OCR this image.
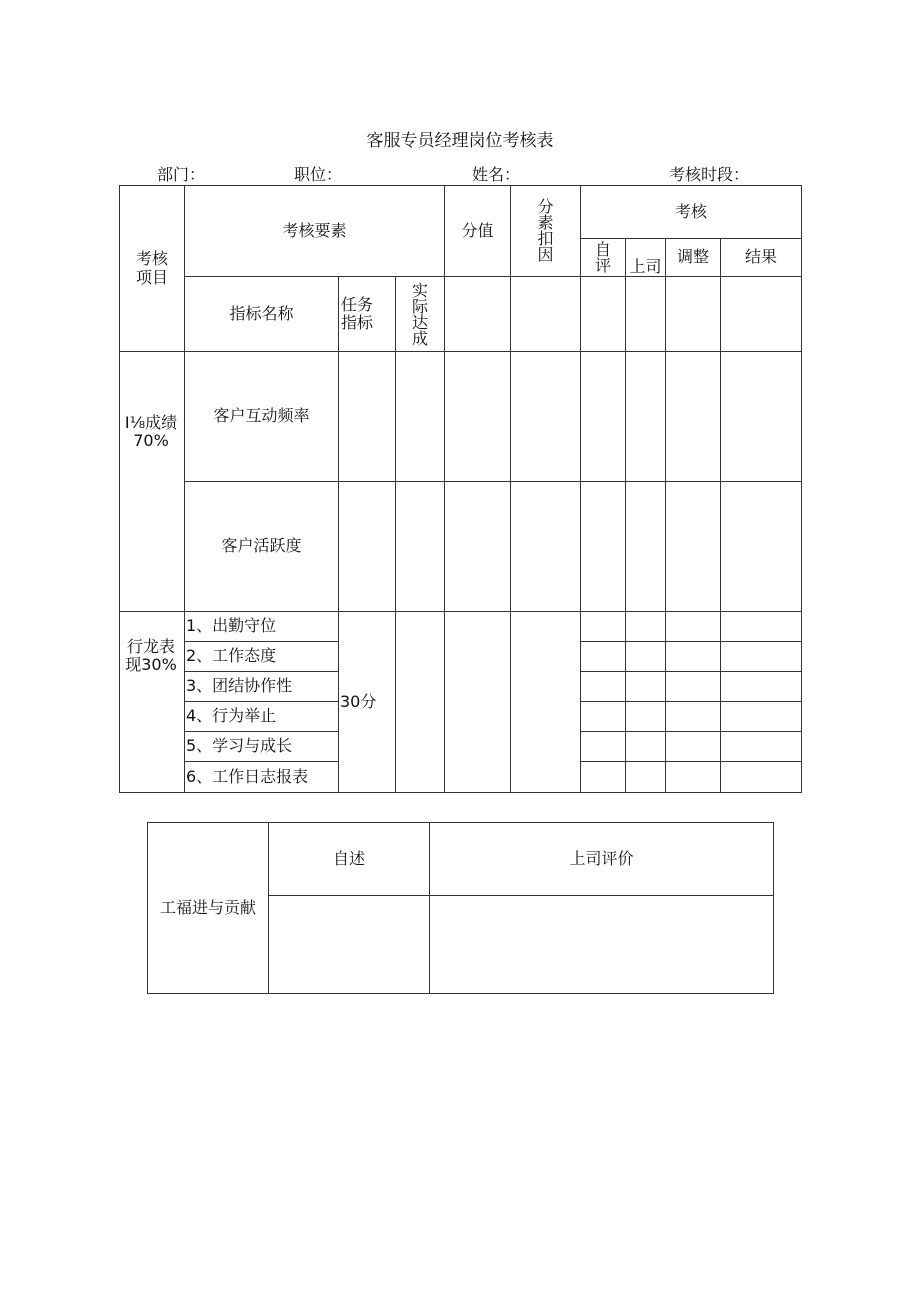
客服专员经理岗位考核表
部门：	职位：	姓名：	考核时段：
考核项目	考核要素			分值	分素扣因	考核			

						自评	上司	调整	结果
	指标名称	任务指标	实际达成						

I⅛成绩70%	客户互动频率								
	客户活跃度								

行龙表现30%	1、出勤守位	30分							
	2、工作态度								
	3、团结协作性								
	4、行为举止								
	5、学习与成长								
	6、工作日志报表								
工福进与贡献	自述	上司评价
